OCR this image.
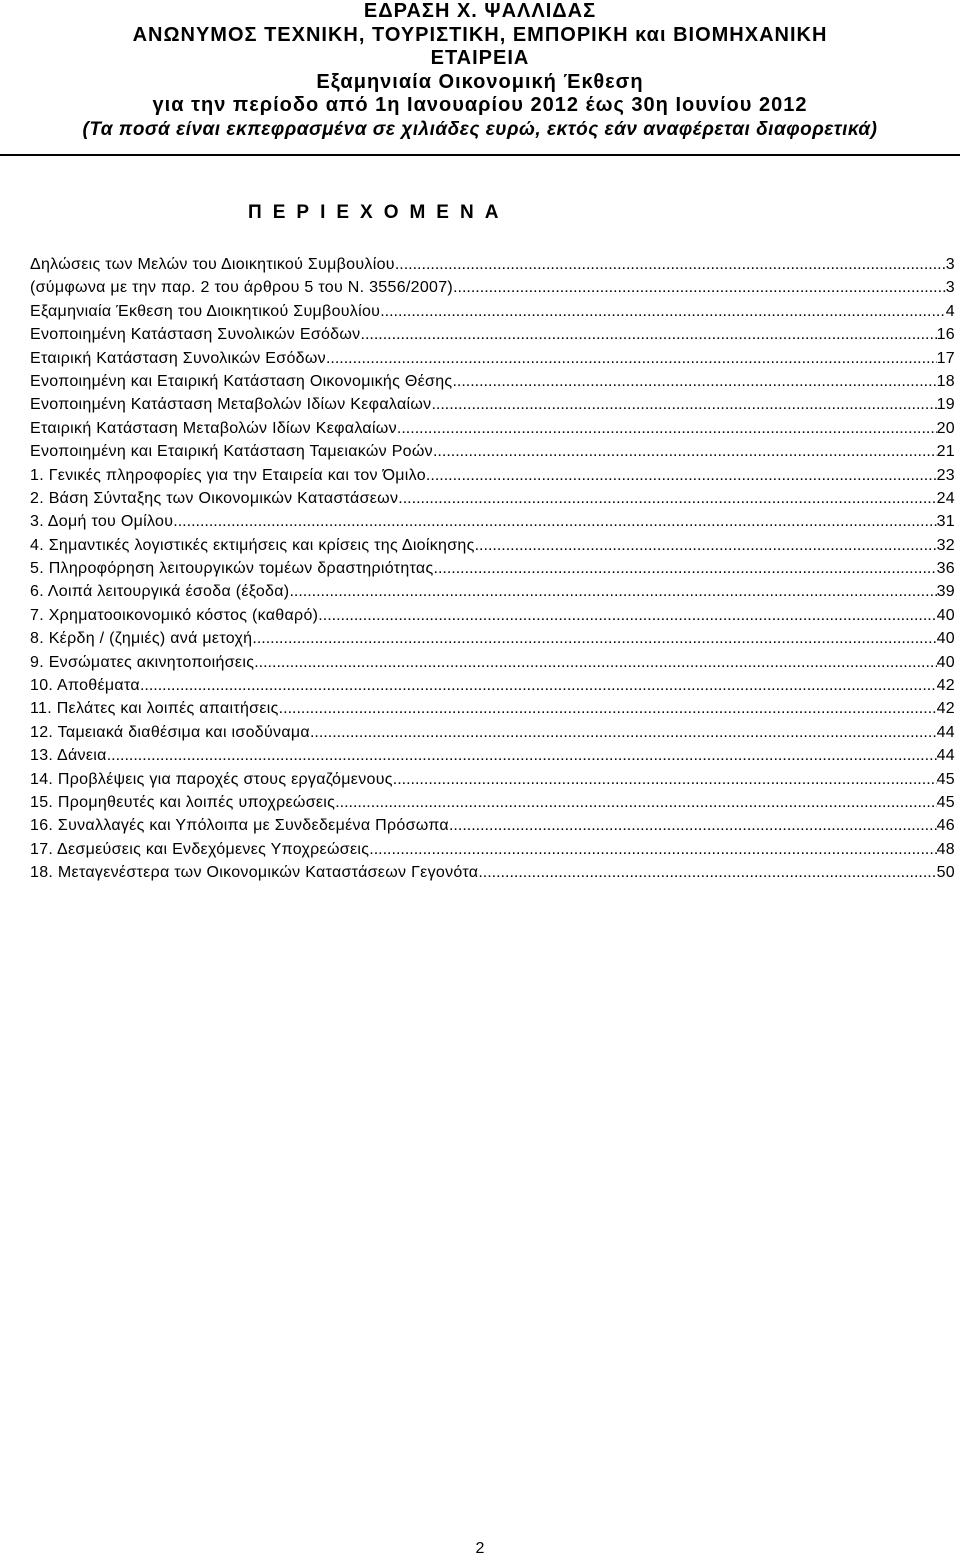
ΕΔΡΑΣΗ Χ. ΨΑΛΛΙΔΑΣ
ΑΝΩΝΥΜΟΣ ΤΕΧΝΙΚΗ, ΤΟΥΡΙΣΤΙΚΗ, ΕΜΠΟΡΙΚΗ και ΒΙΟΜΗΧΑΝΙΚΗ
ΕΤΑΙΡΕΙΑ
Εξαμηνιαία Οικονομική Έκθεση
για την περίοδο από 1η Ιανουαρίου 2012 έως 30η Ιουνίου 2012
(Τα ποσά είναι εκπεφρασμένα σε χιλιάδες ευρώ, εκτός εάν αναφέρεται διαφορετικά)
ΠΕΡΙΕΧΟΜΕΝΑ
Δηλώσεις των Μελών του Διοικητικού Συμβουλίου .....	3
(σύμφωνα με την παρ. 2 του άρθρου 5 του Ν. 3556/2007) .....	3
Εξαμηνιαία Έκθεση του Διοικητικού Συμβουλίου .....	4
Ενοποιημένη Κατάσταση Συνολικών Εσόδων .....	16
Εταιρική Κατάσταση Συνολικών Εσόδων .....	17
Ενοποιημένη και Εταιρική Κατάσταση Οικονομικής Θέσης .....	18
Ενοποιημένη Κατάσταση Μεταβολών Ιδίων Κεφαλαίων .....	19
Εταιρική Κατάσταση Μεταβολών Ιδίων Κεφαλαίων .....	20
Ενοποιημένη και Εταιρική Κατάσταση Ταμειακών Ροών .....	21
1. Γενικές πληροφορίες για την Εταιρεία και τον Όμιλο .....	23
2. Βάση Σύνταξης των Οικονομικών Καταστάσεων .....	24
3. Δομή του Ομίλου .....	31
4. Σημαντικές λογιστικές εκτιμήσεις και κρίσεις της Διοίκησης .....	32
5. Πληροφόρηση λειτουργικών τομέων δραστηριότητας .....	36
6. Λοιπά λειτουργικά έσοδα (έξοδα) .....	39
7. Χρηματοοικονομικό κόστος (καθαρό) .....	40
8. Κέρδη / (ζημιές) ανά μετοχή .....	40
9. Ενσώματες ακινητοποιήσεις .....	40
10. Αποθέματα .....	42
11. Πελάτες και λοιπές απαιτήσεις .....	42
12. Ταμειακά διαθέσιμα και ισοδύναμα .....	44
13. Δάνεια .....	44
14. Προβλέψεις για παροχές στους εργαζόμενους .....	45
15. Προμηθευτές και λοιπές υποχρεώσεις .....	45
16. Συναλλαγές και Υπόλοιπα με Συνδεδεμένα Πρόσωπα .....	46
17. Δεσμεύσεις και Ενδεχόμενες Υποχρεώσεις .....	48
18. Μεταγενέστερα των Οικονομικών Καταστάσεων Γεγονότα .....	50
2
